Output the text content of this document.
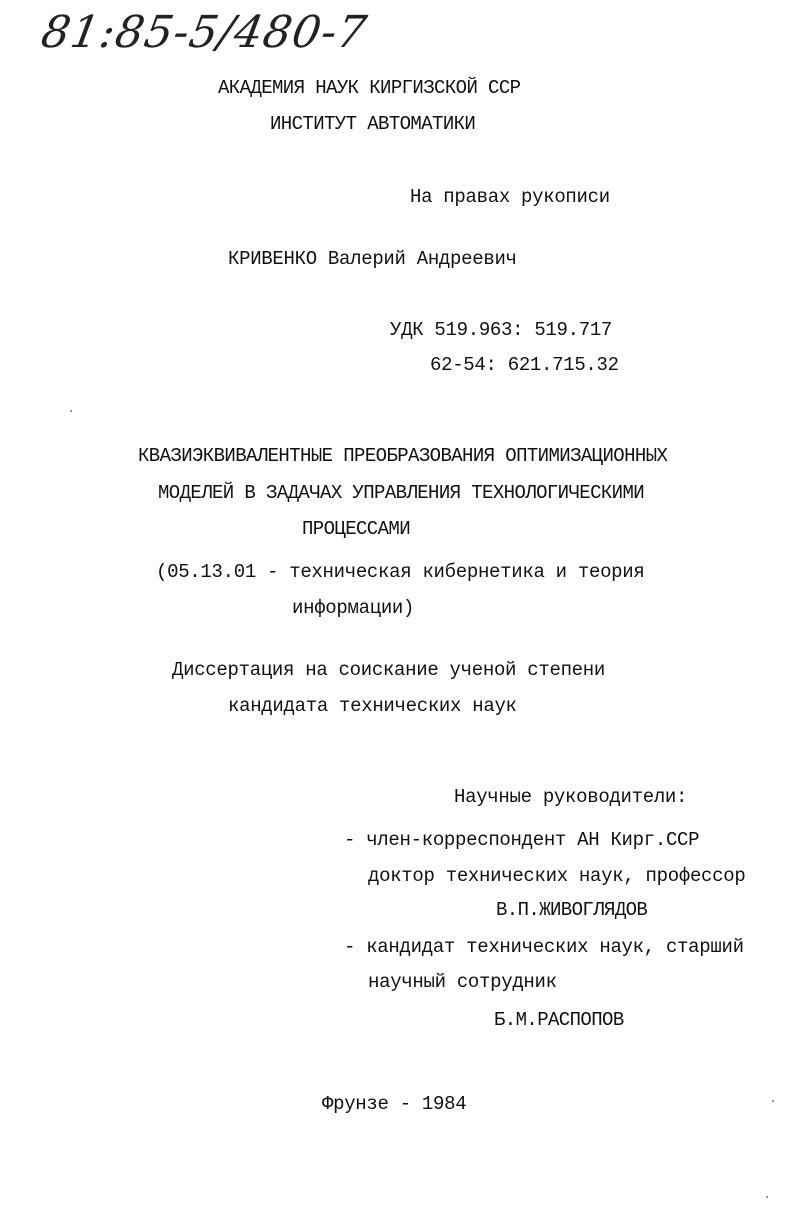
81:85-5/480-7
АКАДЕМИЯ НАУК КИРГИЗСКОЙ ССР
ИНСТИТУТ АВТОМАТИКИ
На правах рукописи
КРИВЕНКО Валерий Андреевич
УДК 519.963: 519.717
62-54: 621.715.32
КВАЗИЭКВИВАЛЕНТНЫЕ ПРЕОБРАЗОВАНИЯ ОПТИМИЗАЦИОННЫХ
МОДЕЛЕЙ В ЗАДАЧАХ УПРАВЛЕНИЯ ТЕХНОЛОГИЧЕСКИМИ
ПРОЦЕССАМИ
(05.13.01 - техническая кибернетика и теория
информации)
Диссертация на соискание ученой степени
кандидата технических наук
Научные руководители:
- член-корреспондент АН Кирг.ССР
доктор технических наук, профессор
В.П.ЖИВОГЛЯДОВ
- кандидат технических наук, старший
научный сотрудник
Б.М.РАСПОПОВ
Фрунзе - 1984
